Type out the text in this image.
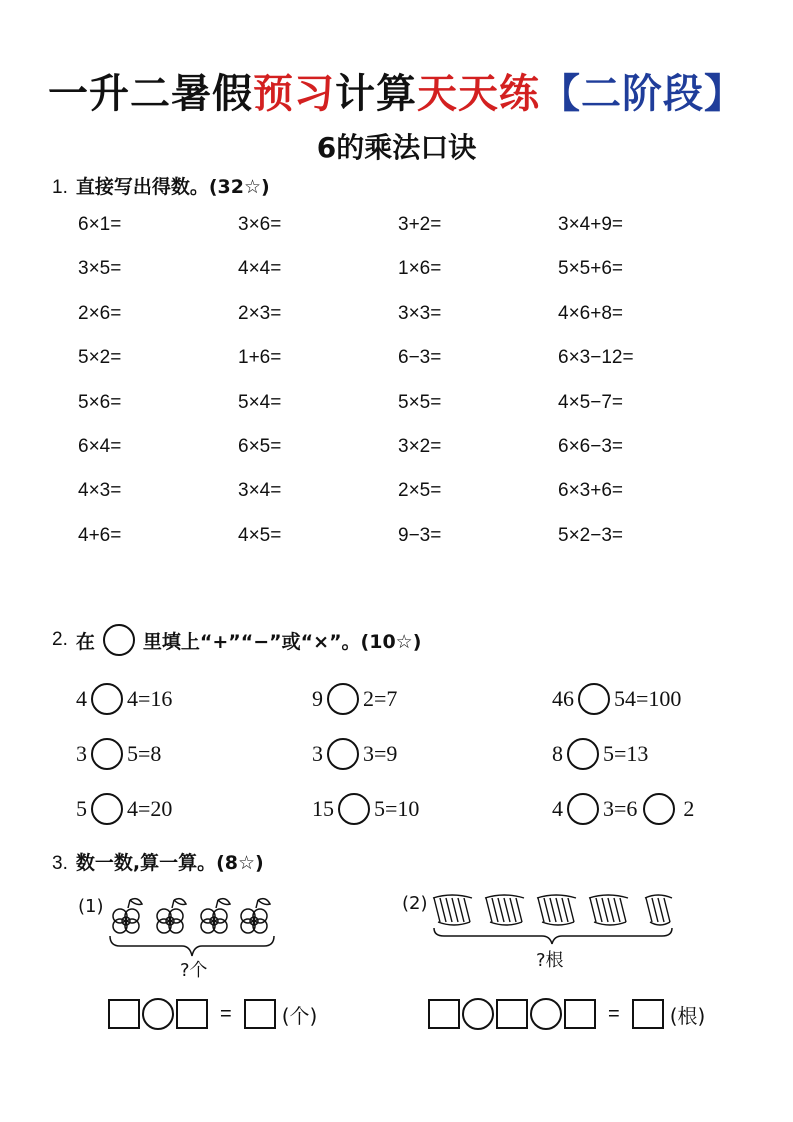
一升二暑假预习计算天天练【二阶段】
6的乘法口诀
1. 直接写出得数。(32☆)
6×1=	3×6=	3+2=	3×4+9=
3×5=	4×4=	1×6=	5×5+6=
2×6=	2×3=	3×3=	4×6+8=
5×2=	1+6=	6−3=	6×3−12=
5×6=	5×4=	5×5=	4×5−7=
6×4=	6×5=	3×2=	6×6−3=
4×3=	3×4=	2×5=	6×3+6=
4+6=	4×5=	9−3=	5×2−3=
2. 在	里填上“+”“−”或“×”。(10☆)
4 4=16	9 2=7	46 54=100
3 5=8	3 3=9	8 5=13
5 4=20	15 5=10	4 3=6 2
3. 数一数,算一算。(8☆)
(1)
?个
=	(个)
(2)
?根
=	(根)
